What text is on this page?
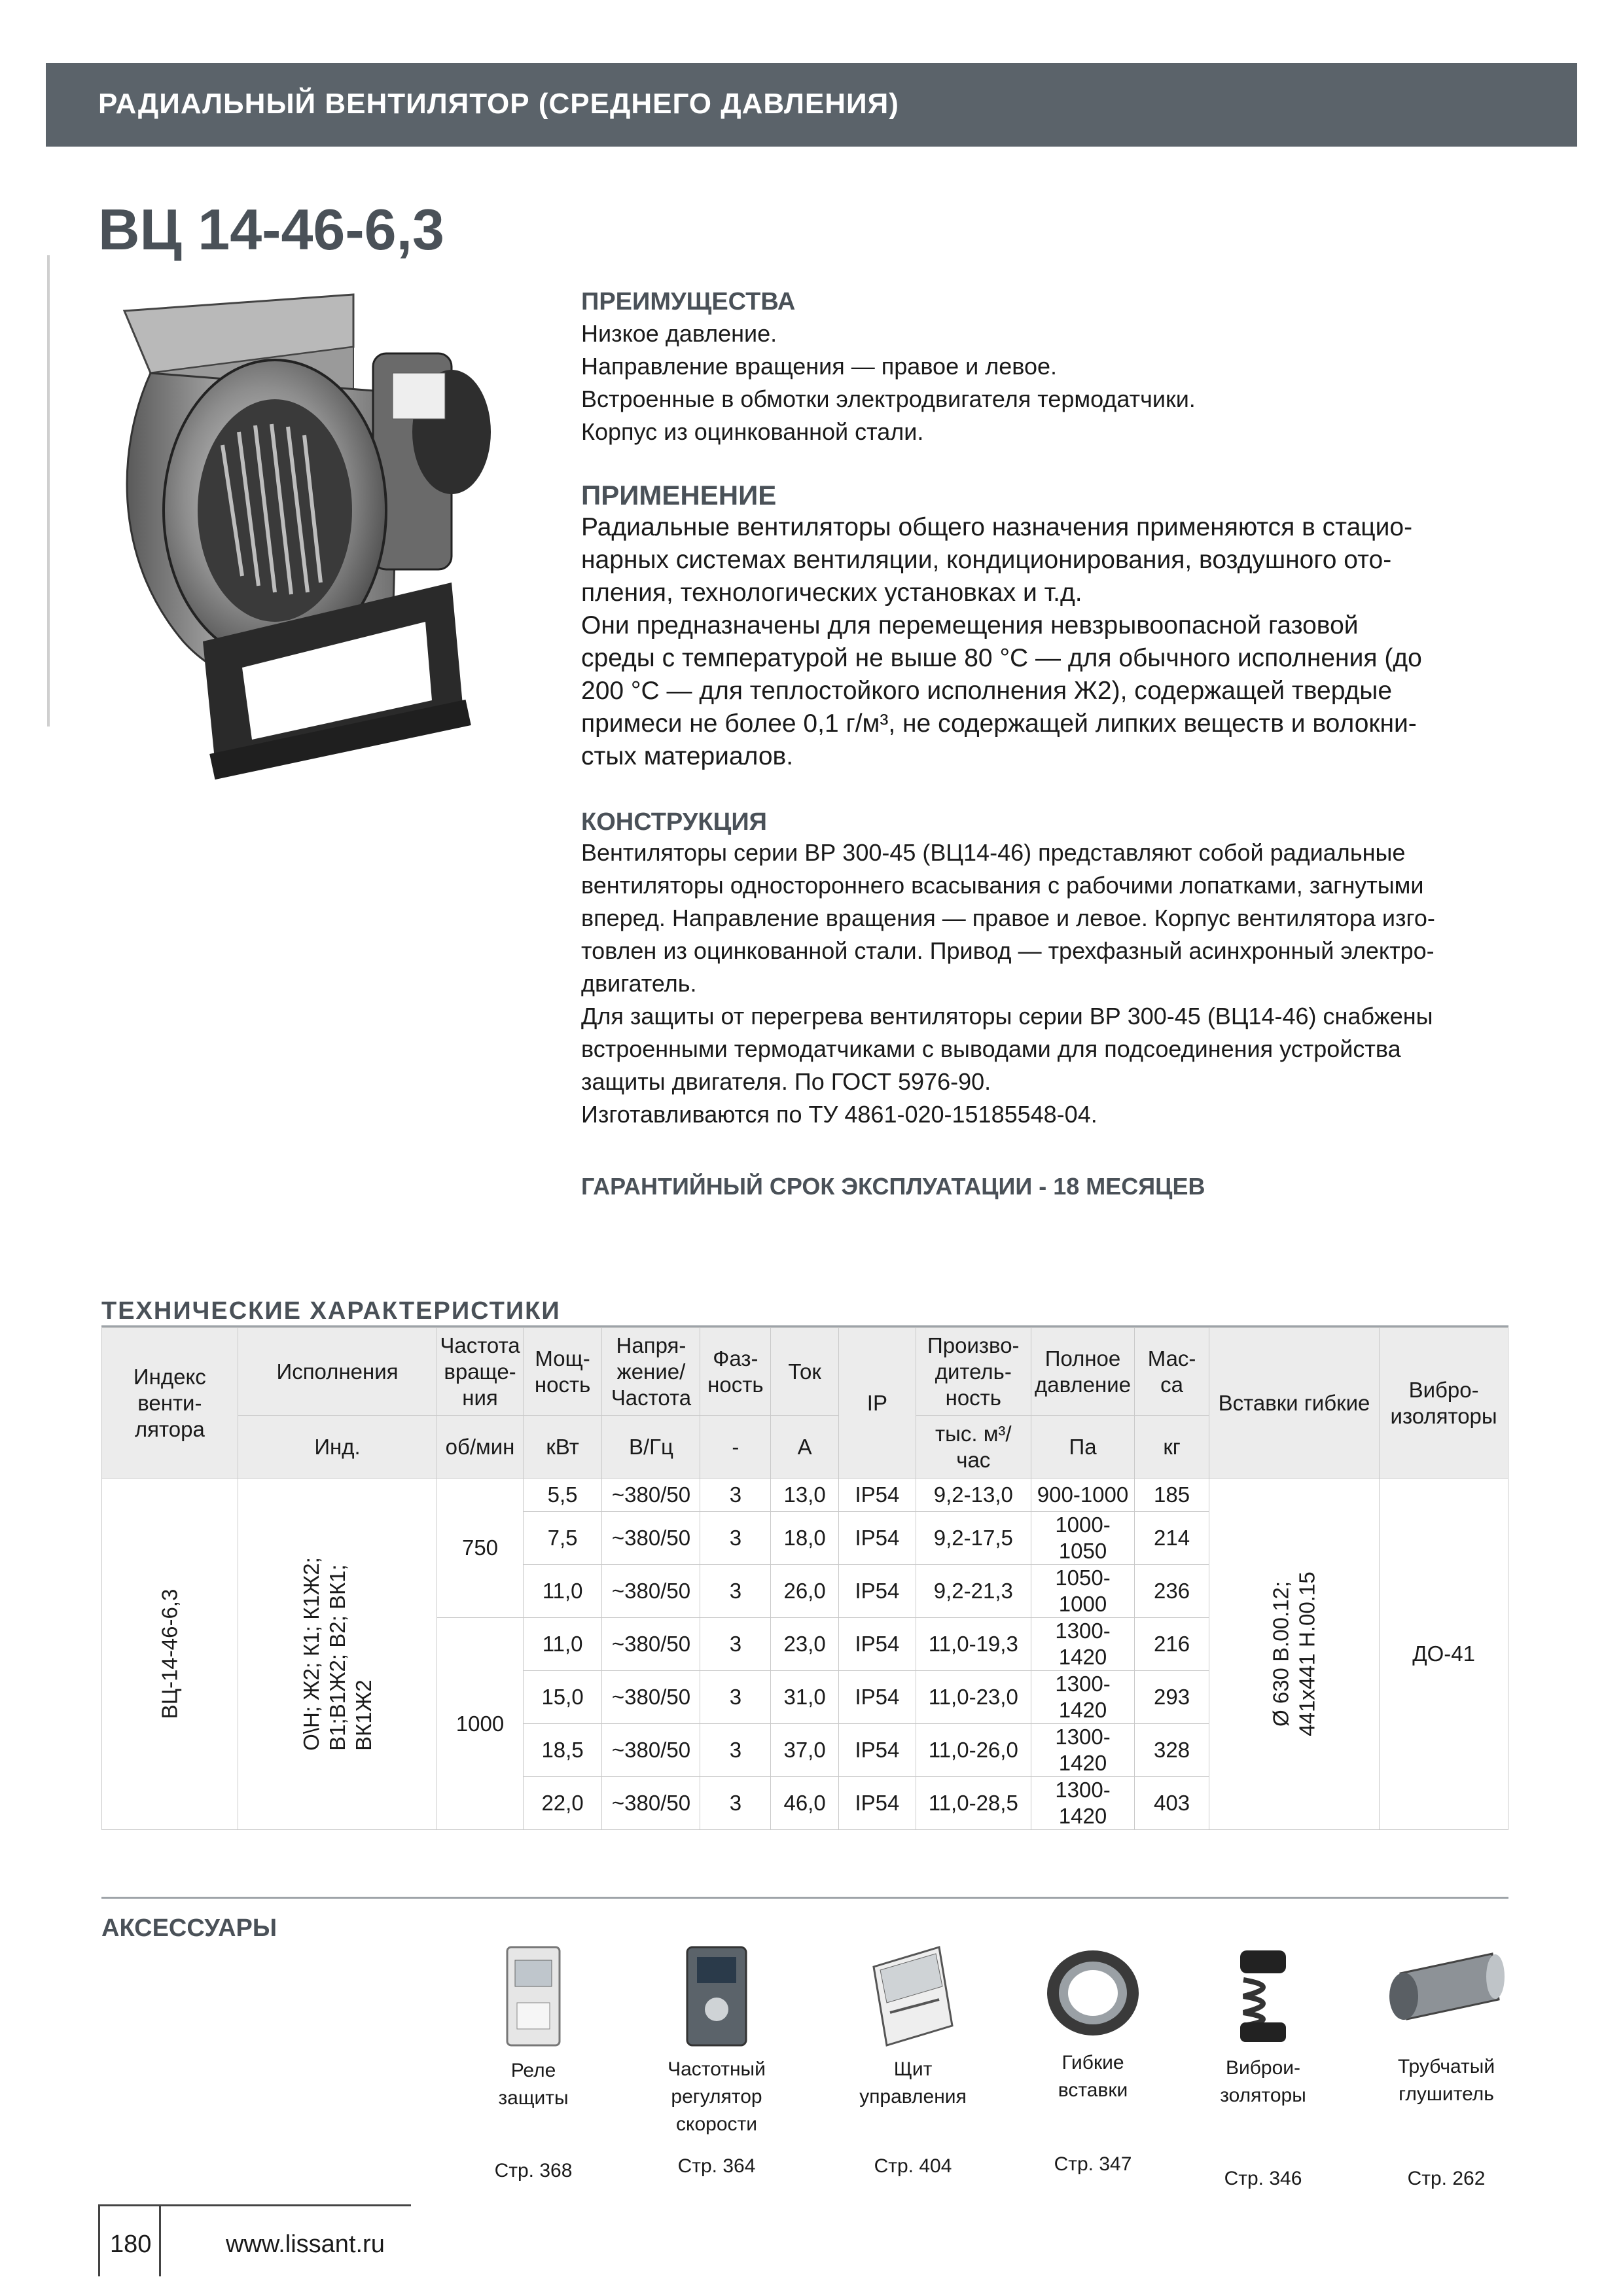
РАДИАЛЬНЫЙ ВЕНТИЛЯТОР (СРЕДНЕГО ДАВЛЕНИЯ)
ВЦ 14-46-6,3
ПРЕИМУЩЕСТВА
Низкое давление.
Направление вращения — правое и левое.
Встроенные в обмотки электродвигателя термодатчики.
Корпус из оцинкованной стали.
ПРИМЕНЕНИЕ
Радиальные вентиляторы общего назначения применяются в стацио-
нарных системах вентиляции, кондиционирования, воздушного ото-
пления, технологических установках и т.д.
Они предназначены для перемещения невзрывоопасной газовой
среды с температурой не выше 80 °С — для обычного исполнения (до
200 °С — для теплостойкого исполнения Ж2), содержащей твердые
примеси не более 0,1 г/м³, не содержащей липких веществ и волокни-
стых материалов.
КОНСТРУКЦИЯ
Вентиляторы серии ВР 300-45 (ВЦ14-46) представляют собой радиальные
вентиляторы одностороннего всасывания с рабочими лопатками, загнутыми
вперед. Направление вращения — правое и левое. Корпус вентилятора изго-
товлен из оцинкованной стали. Привод — трехфазный асинхронный электро-
двигатель.
Для защиты от перегрева вентиляторы серии ВР 300-45 (ВЦ14-46) снабжены
встроенными термодатчиками с выводами для подсоединения устройства
защиты двигателя. По ГОСТ 5976-90.
Изготавливаются по ТУ 4861-020-15185548-04.
ГАРАНТИЙНЫЙ СРОК ЭКСПЛУАТАЦИИ - 18 МЕСЯЦЕВ
ТЕХНИЧЕСКИЕ ХАРАКТЕРИСТИКИ
Индекс венти-лятора	Исполнения	Частота враще-ния	Мощ-ность	Напря-жение/ Частота	Фаз-ность	Ток	IP	Произво-дитель-ность	Полное давление	Мас-са	Вставки гибкие	Вибро-изоляторы
	Инд.	об/мин	кВт	В/Гц	-	А		тыс. м³/час	Па	кг		
ВЦ-14-46-6,3	О\Н; Ж2; К1; К1Ж2; В1;В1Ж2; В2; ВК1; ВК1Ж2	750	5,5	~380/50	3	13,0	IP54	9,2-13,0	900-1000	185	Ø 630 В.00.12; 441х441 Н.00.15	ДО-41
			7,5	~380/50	3	18,0	IP54	9,2-17,5	1000-1050	214		
			11,0	~380/50	3	26,0	IP54	9,2-21,3	1050-1000	236		
		1000	11,0	~380/50	3	23,0	IP54	11,0-19,3	1300-1420	216		
			15,0	~380/50	3	31,0	IP54	11,0-23,0	1300-1420	293		
			18,5	~380/50	3	37,0	IP54	11,0-26,0	1300-1420	328		
			22,0	~380/50	3	46,0	IP54	11,0-28,5	1300-1420	403		
АКСЕССУАРЫ
Реле
защиты
Стр. 368
Частотный
регулятор
скорости
Стр. 364
Щит
управления
Стр. 404
Гибкие
вставки
Стр. 347
Виброи-
золяторы
Стр. 346
Трубчатый
глушитель
Стр. 262
180	www.lissant.ru
